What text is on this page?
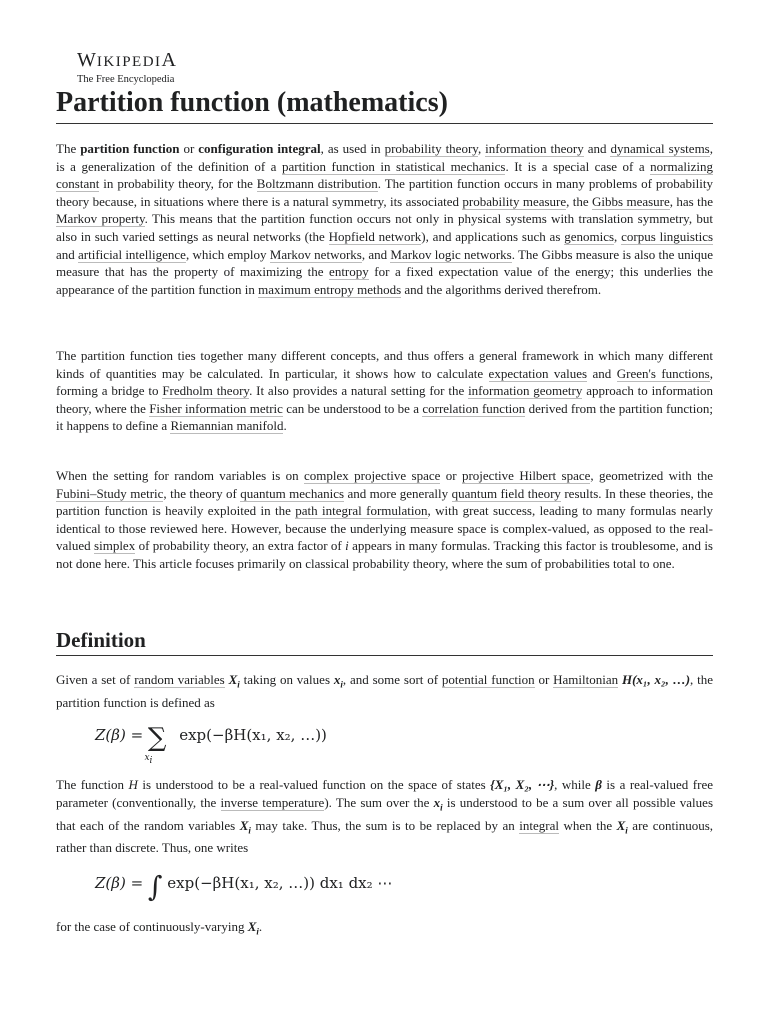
WIKIPEDIA
The Free Encyclopedia
Partition function (mathematics)

The partition function or configuration integral, as used in probability theory, information theory and dynamical systems, is a generalization of the definition of a partition function in statistical mechanics. It is a special case of a normalizing constant in probability theory, for the Boltzmann distribution. The partition function occurs in many problems of probability theory because, in situations where there is a natural symmetry, its associated probability measure, the Gibbs measure, has the Markov property. This means that the partition function occurs not only in physical systems with translation symmetry, but also in such varied settings as neural networks (the Hopfield network), and applications such as genomics, corpus linguistics and artificial intelligence, which employ Markov networks, and Markov logic networks. The Gibbs measure is also the unique measure that has the property of maximizing the entropy for a fixed expectation value of the energy; this underlies the appearance of the partition function in maximum entropy methods and the algorithms derived therefrom.

The partition function ties together many different concepts, and thus offers a general framework in which many different kinds of quantities may be calculated. In particular, it shows how to calculate expectation values and Green's functions, forming a bridge to Fredholm theory. It also provides a natural setting for the information geometry approach to information theory, where the Fisher information metric can be understood to be a correlation function derived from the partition function; it happens to define a Riemannian manifold.

When the setting for random variables is on complex projective space or projective Hilbert space, geometrized with the Fubini–Study metric, the theory of quantum mechanics and more generally quantum field theory results. In these theories, the partition function is heavily exploited in the path integral formulation, with great success, leading to many formulas nearly identical to those reviewed here. However, because the underlying measure space is complex-valued, as opposed to the real-valued simplex of probability theory, an extra factor of i appears in many formulas. Tracking this factor is troublesome, and is not done here. This article focuses primarily on classical probability theory, where the sum of probabilities total to one.

Definition

Given a set of random variables $X_i$ taking on values $x_i$, and some sort of potential function or Hamiltonian H(x₁, x₂, …), the partition function is defined as

$Z(\beta) = \sum_{x_i}$ exp(−βH(x₁, x₂, …))

The function H is understood to be a real-valued function on the space of states {X₁, X₂, ⋯}, while β is a real-valued free parameter (conventionally, the inverse temperature). The sum over the $x_i$ is understood to be a sum over all possible values that each of the random variables $X_i$ may take. Thus, the sum is to be replaced by an integral when the $X_i$ are continuous, rather than discrete. Thus, one writes

Z(β) = ∫ exp(−βH(x₁, x₂, …)) dx₁ dx₂ ⋯

for the case of continuously-varying $X_i$.
